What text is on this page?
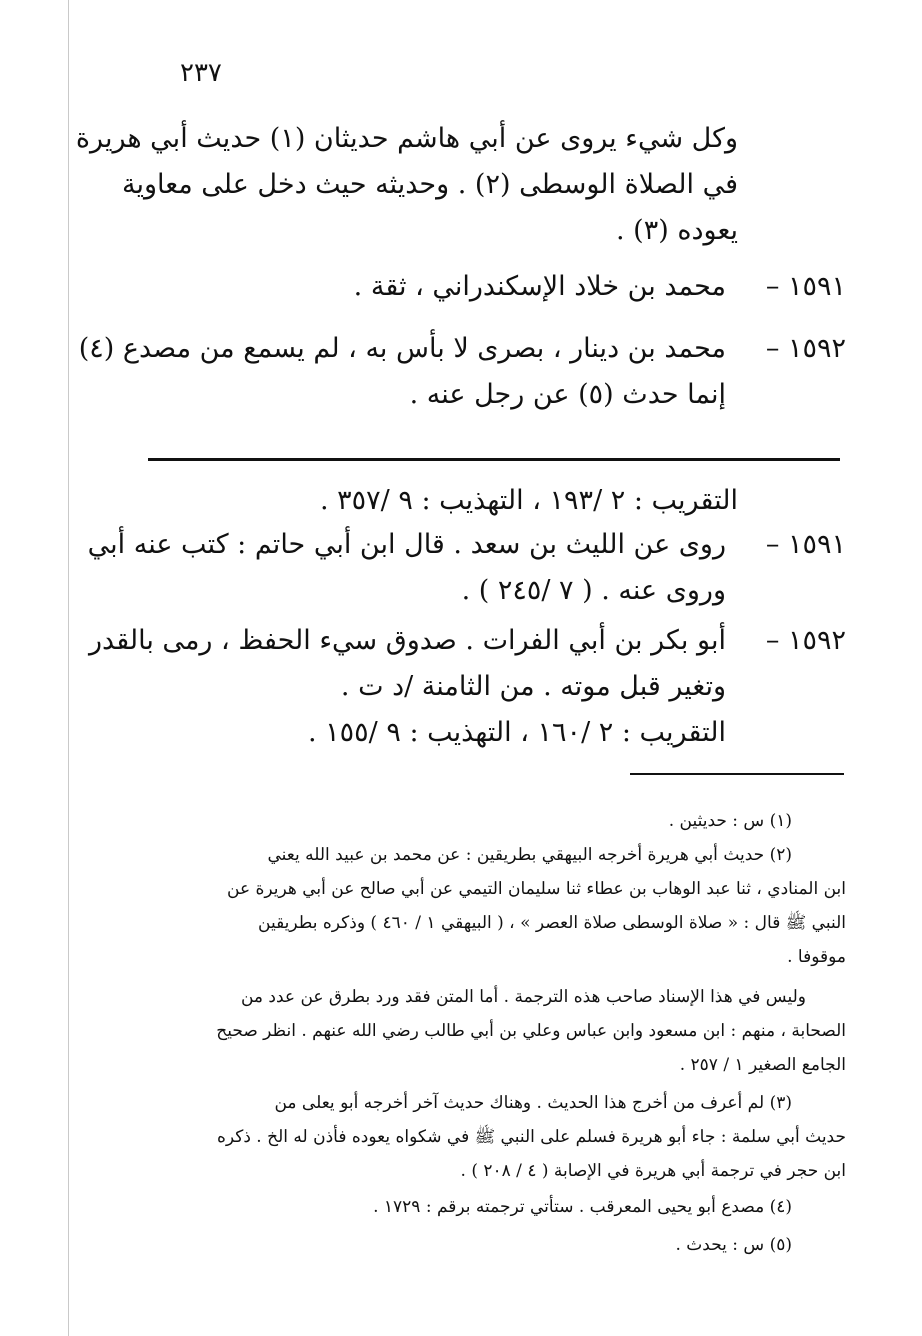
٢٣٧
وكل شيء يروى عن أبي هاشم حديثان (١) حديث أبي هريرة
في الصلاة الوسطى (٢) . وحديثه حيث دخل على معاوية
يعوده (٣) .
١٥٩١ –
محمد بن خلاد الإسكندراني ، ثقة .
١٥٩٢ –
محمد بن دينار ، بصرى لا بأس به ، لم يسمع من مصدع (٤)
إنما حدث (٥) عن رجل عنه .
التقريب : ٢ /١٩٣ ، التهذيب : ٩ /٣٥٧ .
١٥٩١ –
روى عن الليث بن سعد . قال ابن أبي حاتم : كتب عنه أبي
وروى عنه . ( ٧ /٢٤٥ ) .
١٥٩٢ –
أبو بكر بن أبي الفرات . صدوق سيء الحفظ ، رمى بالقدر
وتغير قبل موته . من الثامنة /د ت .
التقريب : ٢ /١٦٠ ، التهذيب : ٩ /١٥٥ .
(١) س : حديثين .
(٢) حديث أبي هريرة أخرجه البيهقي بطريقين : عن محمد بن عبيد الله يعني
ابن المنادي ، ثنا عبد الوهاب بن عطاء ثنا سليمان التيمي عن أبي صالح عن أبي هريرة عن
النبي ﷺ قال : « صلاة الوسطى صلاة العصر » ، ( البيهقي ١ / ٤٦٠ ) وذكره بطريقين
موقوفا .
وليس في هذا الإسناد صاحب هذه الترجمة . أما المتن فقد ورد بطرق عن عدد من
الصحابة ، منهم : ابن مسعود وابن عباس وعلي بن أبي طالب رضي الله عنهم . انظر صحيح
الجامع الصغير ١ / ٢٥٧ .
(٣) لم أعرف من أخرج هذا الحديث . وهناك حديث آخر أخرجه أبو يعلى من
حديث أبي سلمة : جاء أبو هريرة فسلم على النبي ﷺ في شكواه يعوده فأذن له الخ . ذكره
ابن حجر في ترجمة أبي هريرة في الإصابة ( ٤ / ٢٠٨ ) .
(٤) مصدع أبو يحيى المعرقب . ستأتي ترجمته برقم : ١٧٢٩ .
(٥) س : يحدث .
